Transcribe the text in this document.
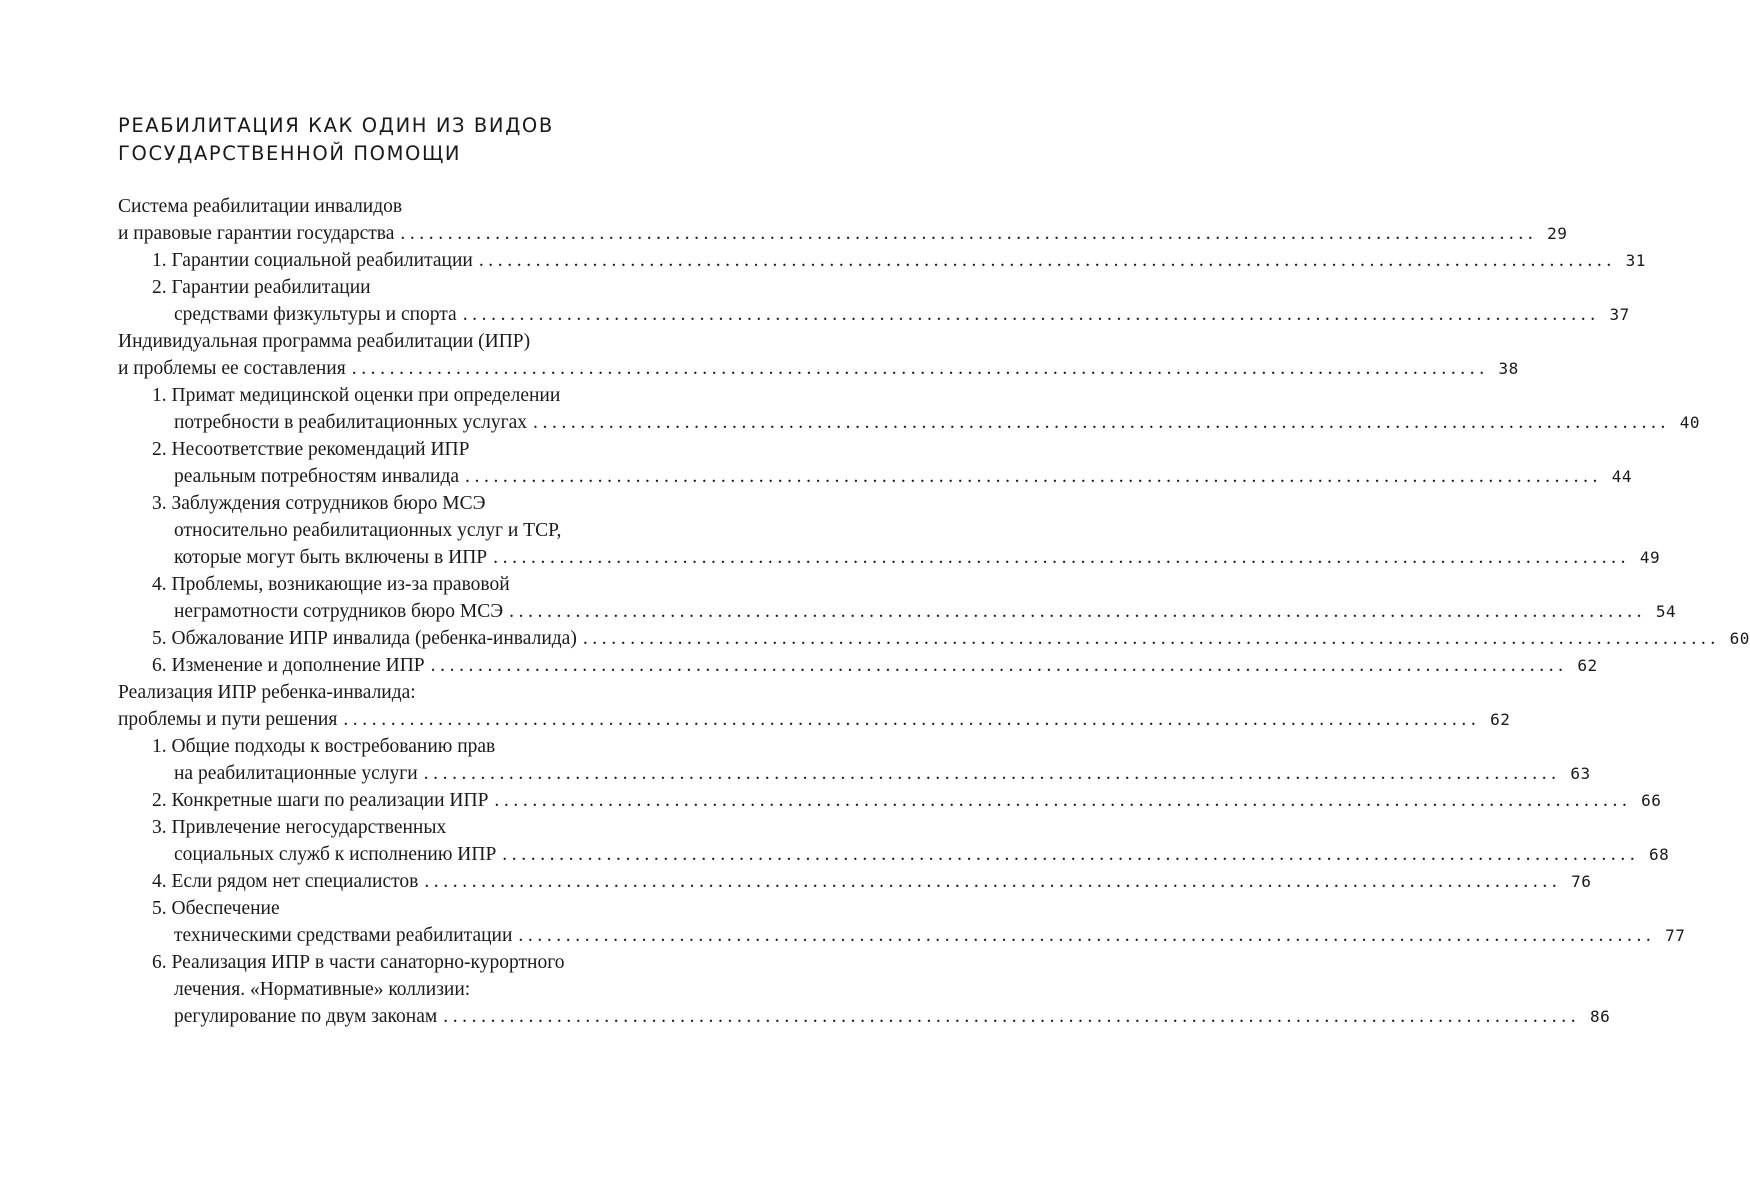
РЕАБИЛИТАЦИЯ КАК ОДИН ИЗ ВИДОВ
ГОСУДАРСТВЕННОЙ ПОМОЩИ
Система реабилитации инвалидов
и правовые гарантии государства ........................................................................................................................ 29
1. Гарантии социальной реабилитации ........................................................................................................................ 31
2. Гарантии реабилитации
средствами физкультуры и спорта ........................................................................................................................ 37
Индивидуальная программа реабилитации (ИПР)
и проблемы ее составления ........................................................................................................................ 38
1. Примат медицинской оценки при определении
потребности в реабилитационных услугах ........................................................................................................................ 40
2. Несоответствие рекомендаций ИПР
реальным потребностям инвалида ........................................................................................................................ 44
3. Заблуждения сотрудников бюро МСЭ
относительно реабилитационных услуг и ТСР,
которые могут быть включены в ИПР ........................................................................................................................ 49
4. Проблемы, возникающие из-за правовой
неграмотности сотрудников бюро МСЭ ........................................................................................................................ 54
5. Обжалование ИПР инвалида (ребенка-инвалида) ........................................................................................................................ 60
6. Изменение и дополнение ИПР ........................................................................................................................ 62
Реализация ИПР ребенка-инвалида:
проблемы и пути решения ........................................................................................................................ 62
1. Общие подходы к востребованию прав
на реабилитационные услуги ........................................................................................................................ 63
2. Конкретные шаги по реализации ИПР ........................................................................................................................ 66
3. Привлечение негосударственных
социальных служб к исполнению ИПР ........................................................................................................................ 68
4. Если рядом нет специалистов ........................................................................................................................ 76
5. Обеспечение
техническими средствами реабилитации ........................................................................................................................ 77
6. Реализация ИПР в части санаторно-курортного
лечения. «Нормативные» коллизии:
регулирование по двум законам ........................................................................................................................ 86
